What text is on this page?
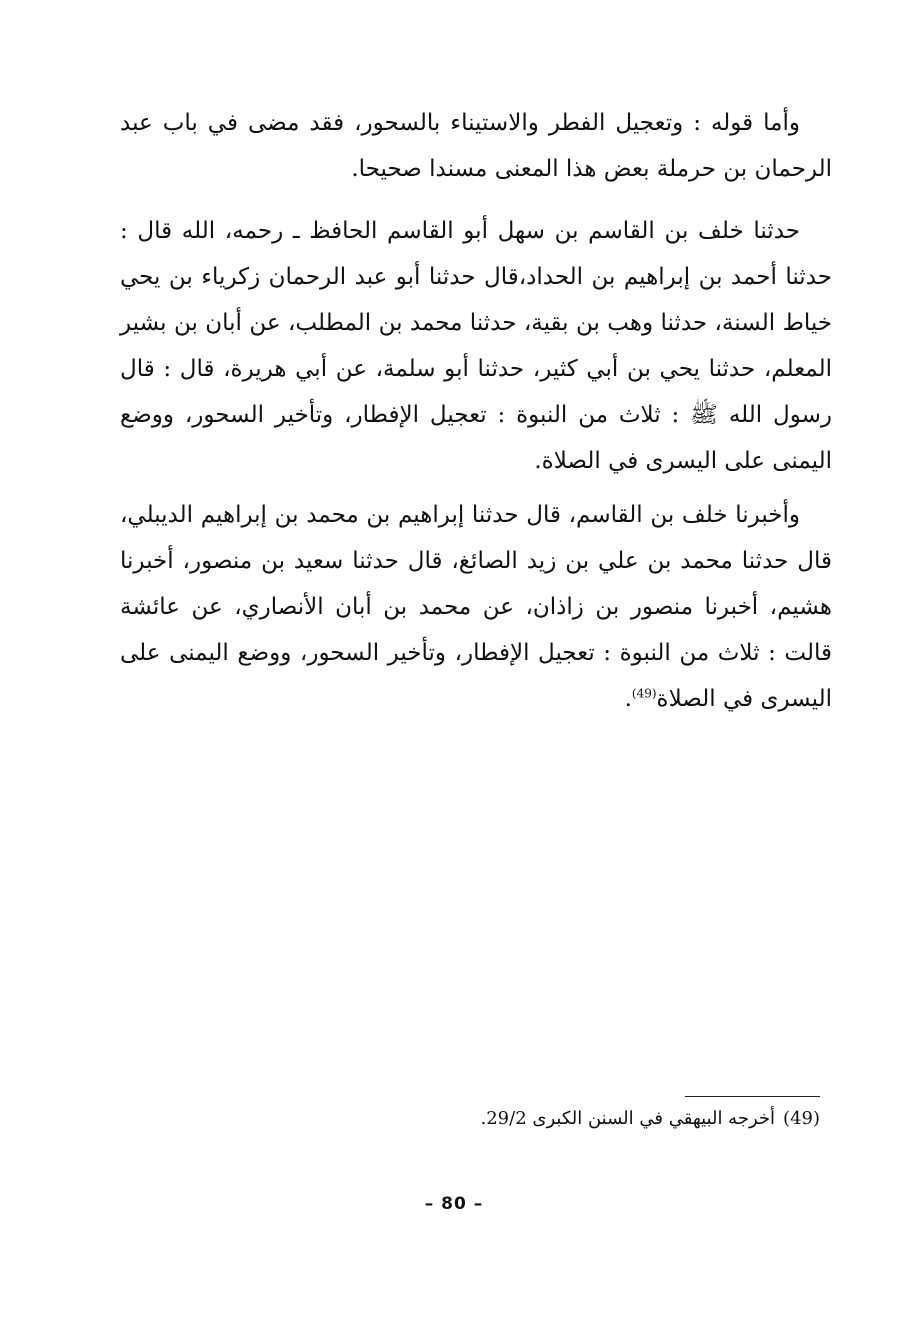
وأما قوله : وتعجيل الفطر والاستيناء بالسحور، فقد مضى في باب عبد الرحمان بن حرملة بعض هذا المعنى مسندا صحيحا.

حدثنا خلف بن القاسم بن سهل أبو القاسم الحافظ ـ رحمه، الله قال : حدثنا أحمد بن إبراهيم بن الحداد،قال حدثنا أبو عبد الرحمان زكرياء بن يحي خياط السنة، حدثنا وهب بن بقية، حدثنا محمد بن المطلب، عن أبان بن بشير المعلم، حدثنا يحي بن أبي كثير، حدثنا أبو سلمة، عن أبي هريرة، قال : قال رسول الله ﷺ : ثلاث من النبوة : تعجيل الإفطار، وتأخير السحور، ووضع اليمنى على اليسرى في الصلاة.

وأخبرنا خلف بن القاسم، قال حدثنا إبراهيم بن محمد بن إبراهيم الديبلي، قال حدثنا محمد بن علي بن زيد الصائغ، قال حدثنا سعيد بن منصور، أخبرنا هشيم، أخبرنا منصور بن زاذان، عن محمد بن أبان الأنصاري، عن عائشة قالت : ثلاث من النبوة : تعجيل الإفطار، وتأخير السحور، ووضع اليمنى على اليسرى في الصلاة$^{(49)}$.

(49)أخرجه البيهقي في السنن الكبرى 29/2.
– 80 –
